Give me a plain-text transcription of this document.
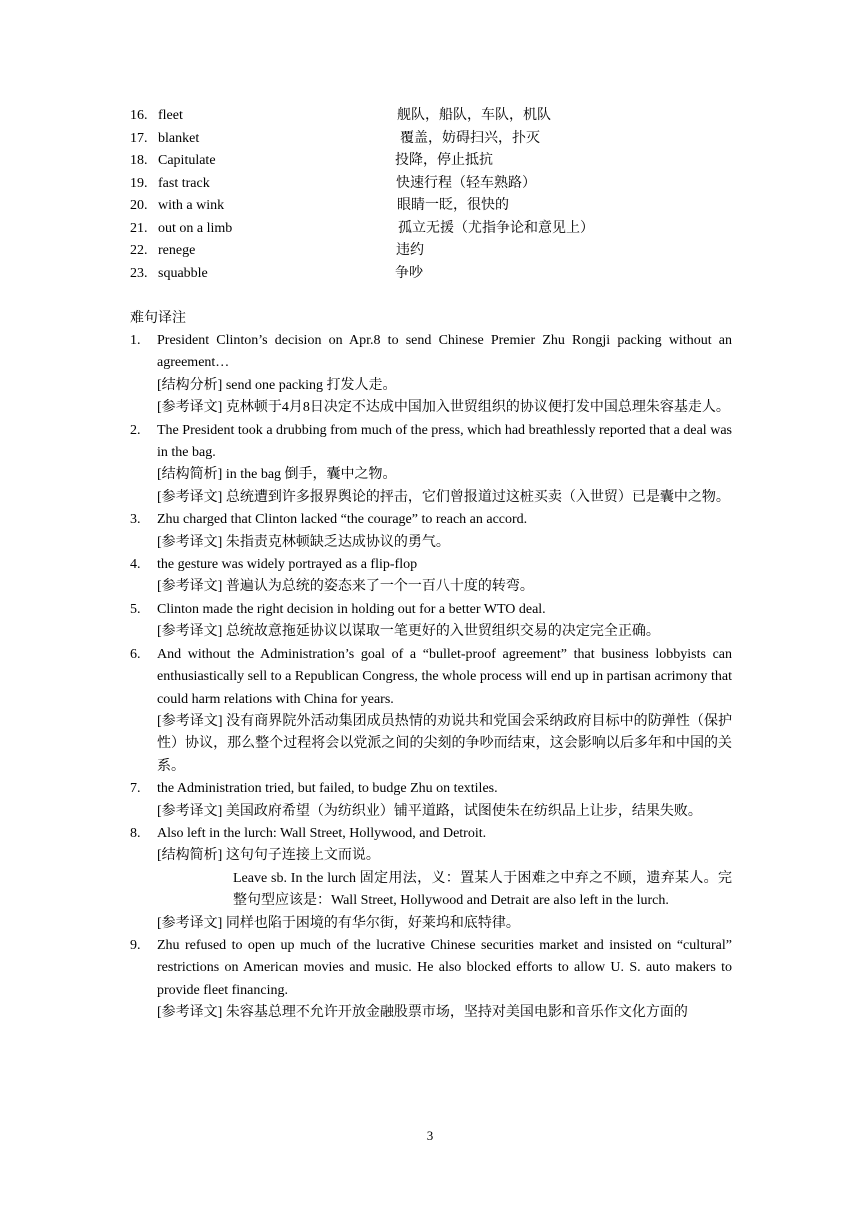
16. fleet	舰队，船队，车队，机队
17. blanket	覆盖，妨碍扫兴，扑灭
18. Capitulate	投降，停止抵抗
19. fast track	快速行程（轻车熟路）
20. with a wink	眼睛一眨，很快的
21. out on a limb	孤立无援（尤指争论和意见上）
22. renege	违约
23. squabble	争吵
难句译注
1. President Clinton’s decision on Apr.8 to send Chinese Premier Zhu Rongji packing without an agreement…
[结构分析] send one packing 打发人走。
[参考译文] 克林顿于4月8日决定不达成中国加入世贸组织的协议便打发中国总理朱容基走人。
2. The President took a drubbing from much of the press, which had breathlessly reported that a deal was in the bag.
[结构简析] in the bag 倒手，囊中之物。
[参考译文] 总统遭到许多报界舆论的抨击，它们曾报道过这桩买卖（入世贸）已是囊中之物。
3. Zhu charged that Clinton lacked “the courage” to reach an accord.
[参考译文] 朱指责克林顿缺乏达成协议的勇气。
4. the gesture was widely portrayed as a flip-flop
[参考译文] 普遍认为总统的姿态来了一个一百八十度的转弯。
5. Clinton made the right decision in holding out for a better WTO deal.
[参考译文] 总统故意拖延协议以谋取一笔更好的入世贸组织交易的决定完全正确。
6. And without the Administration’s goal of a “bullet-proof agreement” that business lobbyists can enthusiastically sell to a Republican Congress, the whole process will end up in partisan acrimony that could harm relations with China for years.
[参考译文] 没有商界院外活动集团成员热情的劝说共和党国会采纳政府目标中的防弹性（保护性）协议，那么整个过程将会以党派之间的尖刻的争吵而结束，这会影响以后多年和中国的关系。
7. the Administration tried, but failed, to budge Zhu on textiles.
[参考译文] 美国政府希望（为纺织业）铺平道路，试图使朱在纺织品上让步，结果失败。
8. Also left in the lurch: Wall Street, Hollywood, and Detroit.
[结构简析] 这句句子连接上文而说。
Leave sb. In the lurch 固定用法，义：置某人于困难之中弃之不顾，遗弃某人。完整句型应该是：Wall Street, Hollywood and Detrait are also left in the lurch.
[参考译文] 同样也陷于困境的有华尔街，好莱坞和底特律。
9. Zhu refused to open up much of the lucrative Chinese securities market and insisted on “cultural” restrictions on American movies and music. He also blocked efforts to allow U. S. auto makers to provide fleet financing.
[参考译文] 朱容基总理不允许开放金融股票市场，坚持对美国电影和音乐作文化方面的
3
